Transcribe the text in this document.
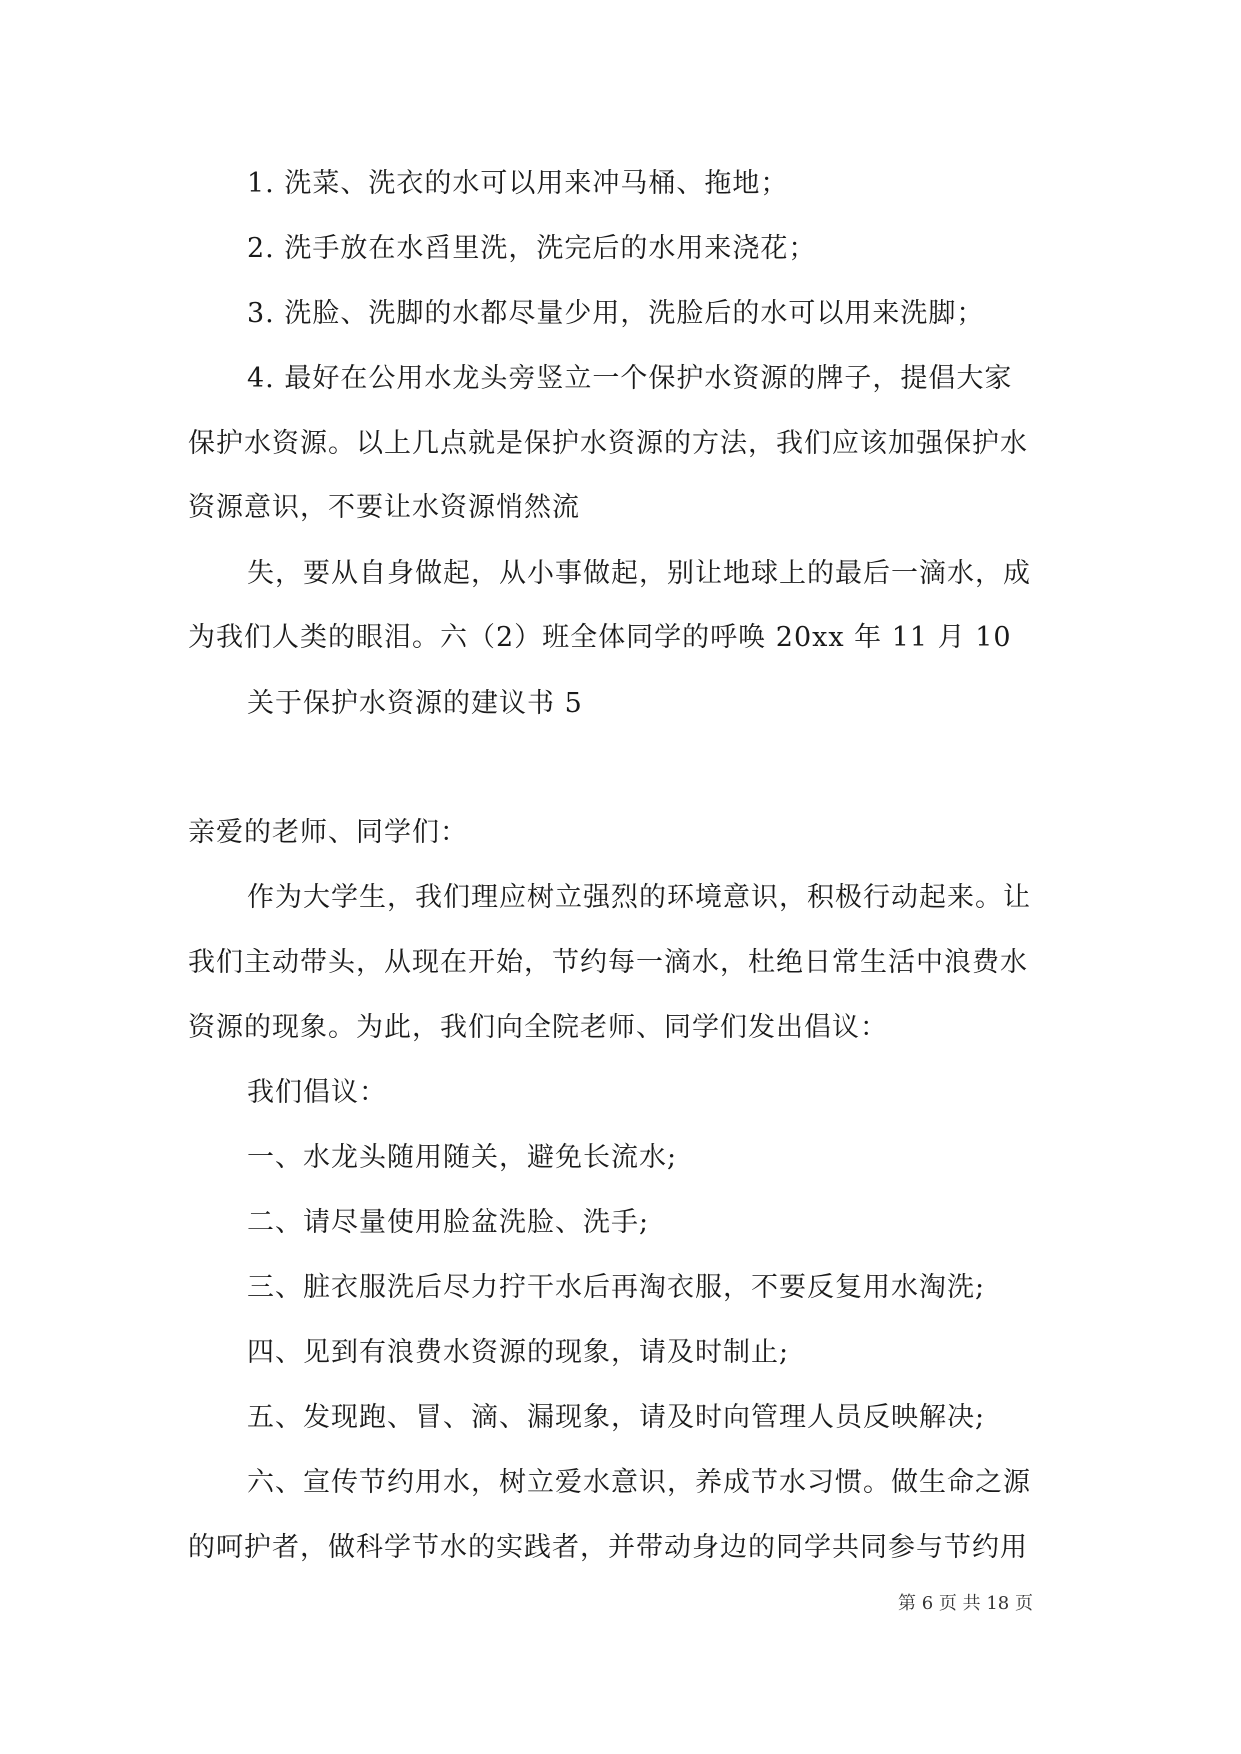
1. 洗菜、洗衣的水可以用来冲马桶、拖地；
2. 洗手放在水舀里洗，洗完后的水用来浇花；
3. 洗脸、洗脚的水都尽量少用，洗脸后的水可以用来洗脚；
4. 最好在公用水龙头旁竖立一个保护水资源的牌子，提倡大家
保护水资源。以上几点就是保护水资源的方法，我们应该加强保护水
资源意识，不要让水资源悄然流
失，要从自身做起，从小事做起，别让地球上的最后一滴水，成
为我们人类的眼泪。六（2）班全体同学的呼唤 20xx 年 11 月 10
关于保护水资源的建议书 5
亲爱的老师、同学们：
作为大学生，我们理应树立强烈的环境意识，积极行动起来。让
我们主动带头，从现在开始，节约每一滴水，杜绝日常生活中浪费水
资源的现象。为此，我们向全院老师、同学们发出倡议：
我们倡议：
一、水龙头随用随关，避免长流水;
二、请尽量使用脸盆洗脸、洗手;
三、脏衣服洗后尽力拧干水后再淘衣服，不要反复用水淘洗;
四、见到有浪费水资源的现象，请及时制止;
五、发现跑、冒、滴、漏现象，请及时向管理人员反映解决;
六、宣传节约用水，树立爱水意识，养成节水习惯。做生命之源
的呵护者，做科学节水的实践者，并带动身边的同学共同参与节约用
第 6 页 共 18 页
